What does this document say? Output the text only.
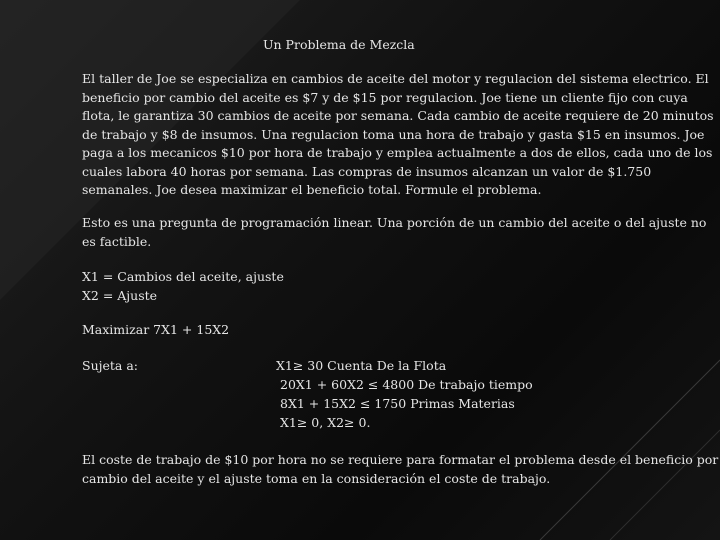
Un Problema de Mezcla

El taller de Joe se especializa en cambios de aceite del motor y regulacion del sistema electrico. El
beneficio por cambio del aceite es $7 y de $15 por regulacion. Joe tiene un cliente fijo con cuya
flota, le garantiza 30 cambios de aceite por semana. Cada cambio de aceite requiere de 20 minutos
de trabajo y $8 de insumos. Una regulacion toma una hora de trabajo y gasta $15 en insumos. Joe
paga a los mecanicos $10 por hora de trabajo y emplea actualmente a dos de ellos, cada uno de los
cuales labora 40 horas por semana. Las compras de insumos alcanzan un valor de $1.750
semanales. Joe desea maximizar el beneficio total. Formule el problema.
Esto es una pregunta de programación linear. Una porción de un cambio del aceite o del ajuste no
es factible.

X1 = Cambios del aceite, ajuste

X2 = Ajuste

Maximizar 7X1 + 15X2

Sujeta a:	X1≥ 30 Cuenta De la Flota

20X1 + 60X2 ≤ 4800 De trabajo tiempo

8X1 + 15X2 ≤ 1750 Primas Materias

X1≥ 0, X2≥ 0.

El coste de trabajo de $10 por hora no se requiere para formatar el problema desde el beneficio por
cambio del aceite y el ajuste toma en la consideración el coste de trabajo.
